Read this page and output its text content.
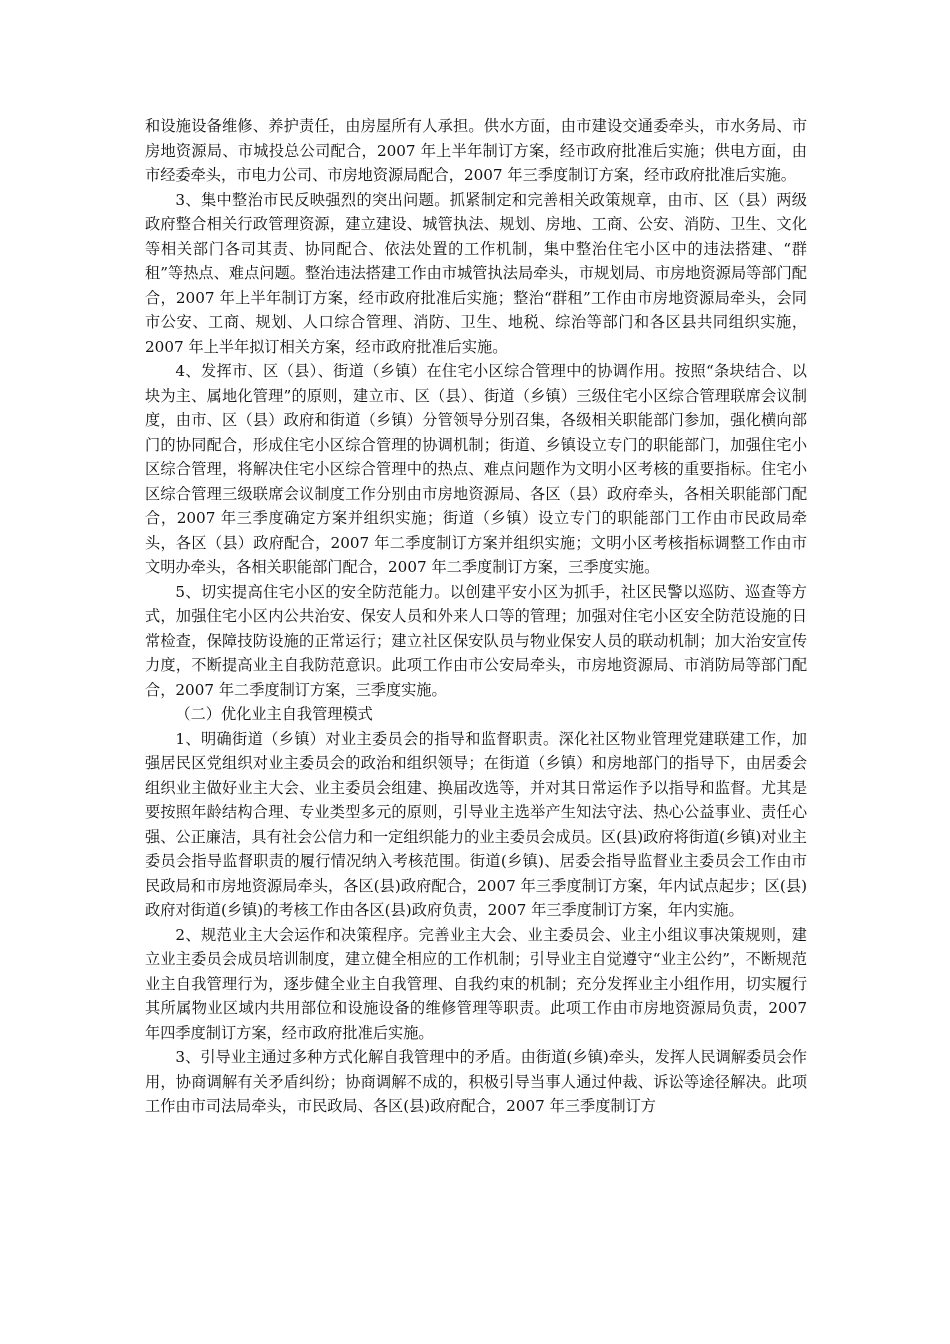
和设施设备维修、养护责任，由房屋所有人承担。供水方面，由市建设交通委牵头，市水务局、市房地资源局、市城投总公司配合，2007 年上半年制订方案，经市政府批准后实施；供电方面，由市经委牵头，市电力公司、市房地资源局配合，2007 年三季度制订方案，经市政府批准后实施。

3、集中整治市民反映强烈的突出问题。抓紧制定和完善相关政策规章，由市、区（县）两级政府整合相关行政管理资源，建立建设、城管执法、规划、房地、工商、公安、消防、卫生、文化等相关部门各司其责、协同配合、依法处置的工作机制，集中整治住宅小区中的违法搭建、“群租”等热点、难点问题。整治违法搭建工作由市城管执法局牵头，市规划局、市房地资源局等部门配合，2007 年上半年制订方案，经市政府批准后实施；整治“群租”工作由市房地资源局牵头，会同市公安、工商、规划、人口综合管理、消防、卫生、地税、综治等部门和各区县共同组织实施，2007 年上半年拟订相关方案，经市政府批准后实施。

4、发挥市、区（县）、街道（乡镇）在住宅小区综合管理中的协调作用。按照“条块结合、以块为主、属地化管理”的原则，建立市、区（县）、街道（乡镇）三级住宅小区综合管理联席会议制度，由市、区（县）政府和街道（乡镇）分管领导分别召集，各级相关职能部门参加，强化横向部门的协同配合，形成住宅小区综合管理的协调机制；街道、乡镇设立专门的职能部门，加强住宅小区综合管理，将解决住宅小区综合管理中的热点、难点问题作为文明小区考核的重要指标。住宅小区综合管理三级联席会议制度工作分别由市房地资源局、各区（县）政府牵头，各相关职能部门配合，2007 年三季度确定方案并组织实施；街道（乡镇）设立专门的职能部门工作由市民政局牵头，各区（县）政府配合，2007 年二季度制订方案并组织实施；文明小区考核指标调整工作由市文明办牵头，各相关职能部门配合，2007 年二季度制订方案，三季度实施。

5、切实提高住宅小区的安全防范能力。以创建平安小区为抓手，社区民警以巡防、巡查等方式，加强住宅小区内公共治安、保安人员和外来人口等的管理；加强对住宅小区安全防范设施的日常检查，保障技防设施的正常运行；建立社区保安队员与物业保安人员的联动机制；加大治安宣传力度，不断提高业主自我防范意识。此项工作由市公安局牵头，市房地资源局、市消防局等部门配合，2007 年二季度制订方案，三季度实施。

（二）优化业主自我管理模式

1、明确街道（乡镇）对业主委员会的指导和监督职责。深化社区物业管理党建联建工作，加强居民区党组织对业主委员会的政治和组织领导；在街道（乡镇）和房地部门的指导下，由居委会组织业主做好业主大会、业主委员会组建、换届改选等，并对其日常运作予以指导和监督。尤其是要按照年龄结构合理、专业类型多元的原则，引导业主选举产生知法守法、热心公益事业、责任心强、公正廉洁，具有社会公信力和一定组织能力的业主委员会成员。区(县)政府将街道(乡镇)对业主委员会指导监督职责的履行情况纳入考核范围。街道(乡镇)、居委会指导监督业主委员会工作由市民政局和市房地资源局牵头，各区(县)政府配合，2007 年三季度制订方案，年内试点起步；区(县)政府对街道(乡镇)的考核工作由各区(县)政府负责，2007 年三季度制订方案，年内实施。

2、规范业主大会运作和决策程序。完善业主大会、业主委员会、业主小组议事决策规则，建立业主委员会成员培训制度，建立健全相应的工作机制；引导业主自觉遵守“业主公约”，不断规范业主自我管理行为，逐步健全业主自我管理、自我约束的机制；充分发挥业主小组作用，切实履行其所属物业区域内共用部位和设施设备的维修管理等职责。此项工作由市房地资源局负责，2007 年四季度制订方案，经市政府批准后实施。

3、引导业主通过多种方式化解自我管理中的矛盾。由街道(乡镇)牵头，发挥人民调解委员会作用，协商调解有关矛盾纠纷；协商调解不成的，积极引导当事人通过仲裁、诉讼等途径解决。此项工作由市司法局牵头，市民政局、各区(县)政府配合，2007 年三季度制订方
